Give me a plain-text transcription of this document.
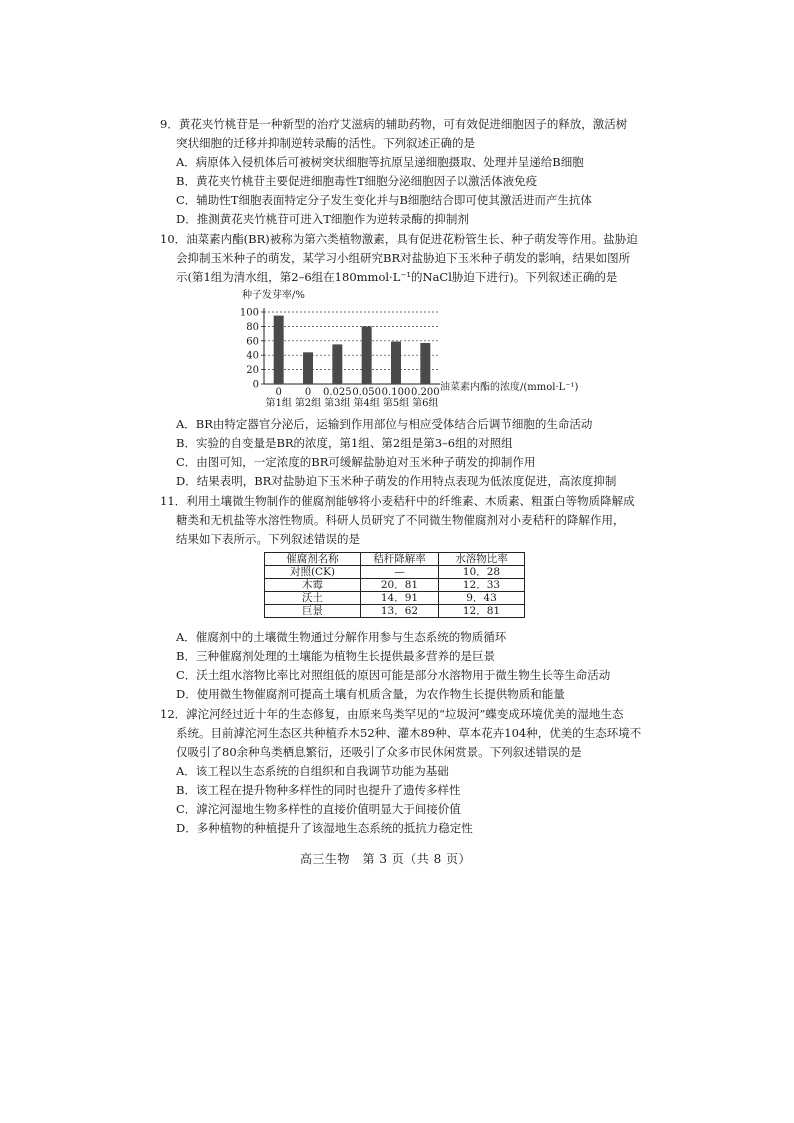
9．黄花夹竹桃苷是一种新型的治疗艾滋病的辅助药物，可有效促进细胞因子的释放，激活树
突状细胞的迁移并抑制逆转录酶的活性。下列叙述正确的是
A．病原体入侵机体后可被树突状细胞等抗原呈递细胞摄取、处理并呈递给B细胞
B．黄花夹竹桃苷主要促进细胞毒性T细胞分泌细胞因子以激活体液免疫
C．辅助性T细胞表面特定分子发生变化并与B细胞结合即可使其激活进而产生抗体
D．推测黄花夹竹桃苷可进入T细胞作为逆转录酶的抑制剂
10．油菜素内酯(BR)被称为第六类植物激素，具有促进花粉管生长、种子萌发等作用。盐胁迫
会抑制玉米种子的萌发，某学习小组研究BR对盐胁迫下玉米种子萌发的影响，结果如图所
示(第1组为清水组，第2–6组在180mmol·L⁻¹的NaCl胁迫下进行)。下列叙述正确的是
种子发芽率/%
0
20
40
60
80
100
0 0 0.025 0.050 0.100 0.200
第1组 第2组 第3组 第4组 第5组 第6组
油菜素内酯的浓度/(mmol·L⁻¹)
A．BR由特定器官分泌后，运输到作用部位与相应受体结合后调节细胞的生命活动
B．实验的自变量是BR的浓度，第1组、第2组是第3–6组的对照组
C．由图可知，一定浓度的BR可缓解盐胁迫对玉米种子萌发的抑制作用
D．结果表明，BR对盐胁迫下玉米种子萌发的作用特点表现为低浓度促进，高浓度抑制
11．利用土壤微生物制作的催腐剂能够将小麦秸秆中的纤维素、木质素、粗蛋白等物质降解成
糖类和无机盐等水溶性物质。科研人员研究了不同微生物催腐剂对小麦秸秆的降解作用，
结果如下表所示。下列叙述错误的是
催腐剂名称	秸秆降解率	水溶物比率
对照(CK)	—	10．28
木霉	20．81	12．33
沃土	14．91	9．43
巨景	13．62	12．81
A．催腐剂中的土壤微生物通过分解作用参与生态系统的物质循环
B．三种催腐剂处理的土壤能为植物生长提供最多营养的是巨景
C．沃土组水溶物比率比对照组低的原因可能是部分水溶物用于微生物生长等生命活动
D．使用微生物催腐剂可提高土壤有机质含量，为农作物生长提供物质和能量
12．滹沱河经过近十年的生态修复，由原来鸟类罕见的“垃圾河”蝶变成环境优美的湿地生态
系统。目前滹沱河生态区共种植乔木52种、灌木89种、草本花卉104种，优美的生态环境不
仅吸引了80余种鸟类栖息繁衍，还吸引了众多市民休闲赏景。下列叙述错误的是
A．该工程以生态系统的自组织和自我调节功能为基础
B．该工程在提升物种多样性的同时也提升了遗传多样性
C．滹沱河湿地生物多样性的直接价值明显大于间接价值
D．多种植物的种植提升了该湿地生态系统的抵抗力稳定性
高三生物　第 3 页（共 8 页）
